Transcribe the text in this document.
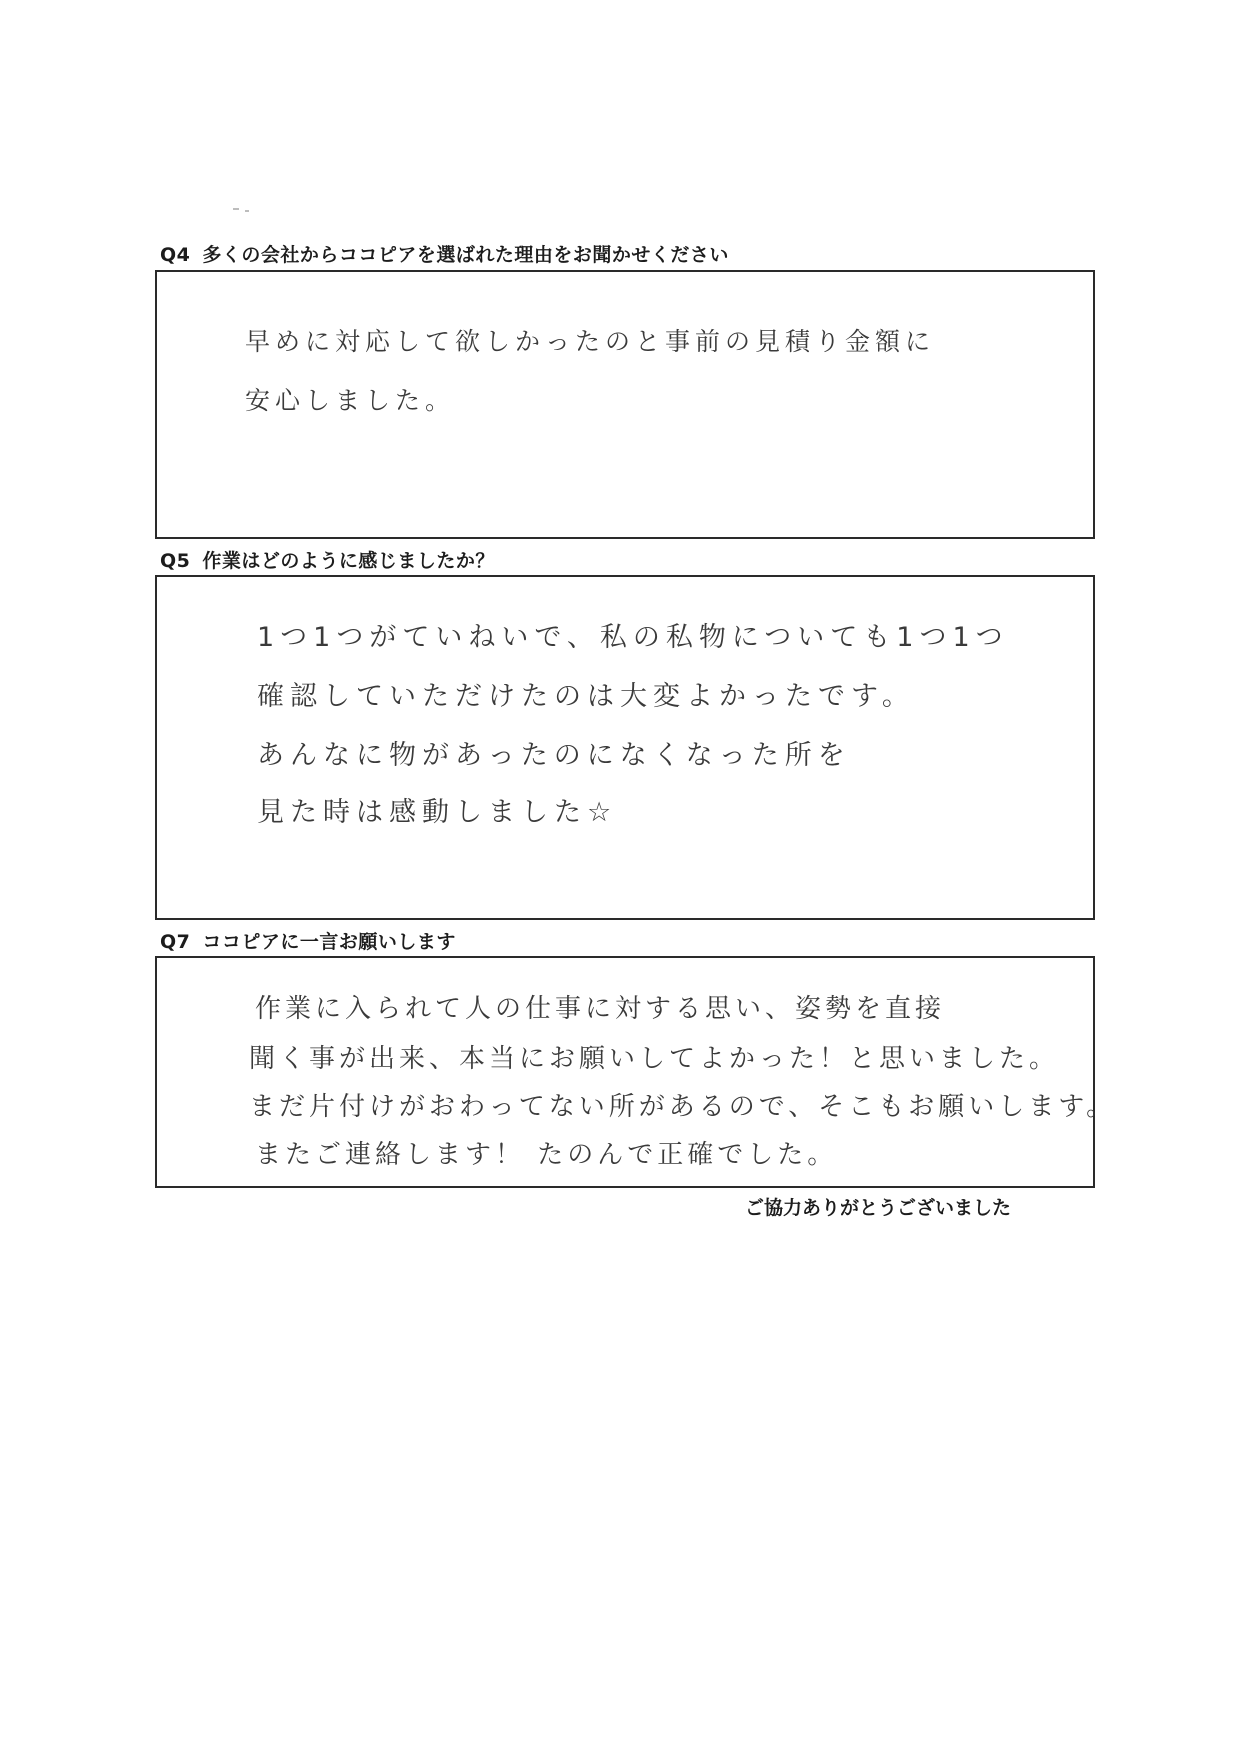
Q4 多くの会社からココピアを選ばれた理由をお聞かせください
早めに対応して欲しかったのと事前の見積り金額に
安心しました。
Q5 作業はどのように感じましたか？
1つ1つがていねいで、私の私物についても1つ1つ
確認していただけたのは大変よかったです。
あんなに物があったのになくなった所を
見た時は感動しました☆
Q7 ココピアに一言お願いします
作業に入られて人の仕事に対する思い、姿勢を直接
聞く事が出来、本当にお願いしてよかった！と思いました。
まだ片付けがおわってない所があるので、そこもお願いします。
またご連絡します！ たのんで正確でした。
ご協力ありがとうございました
